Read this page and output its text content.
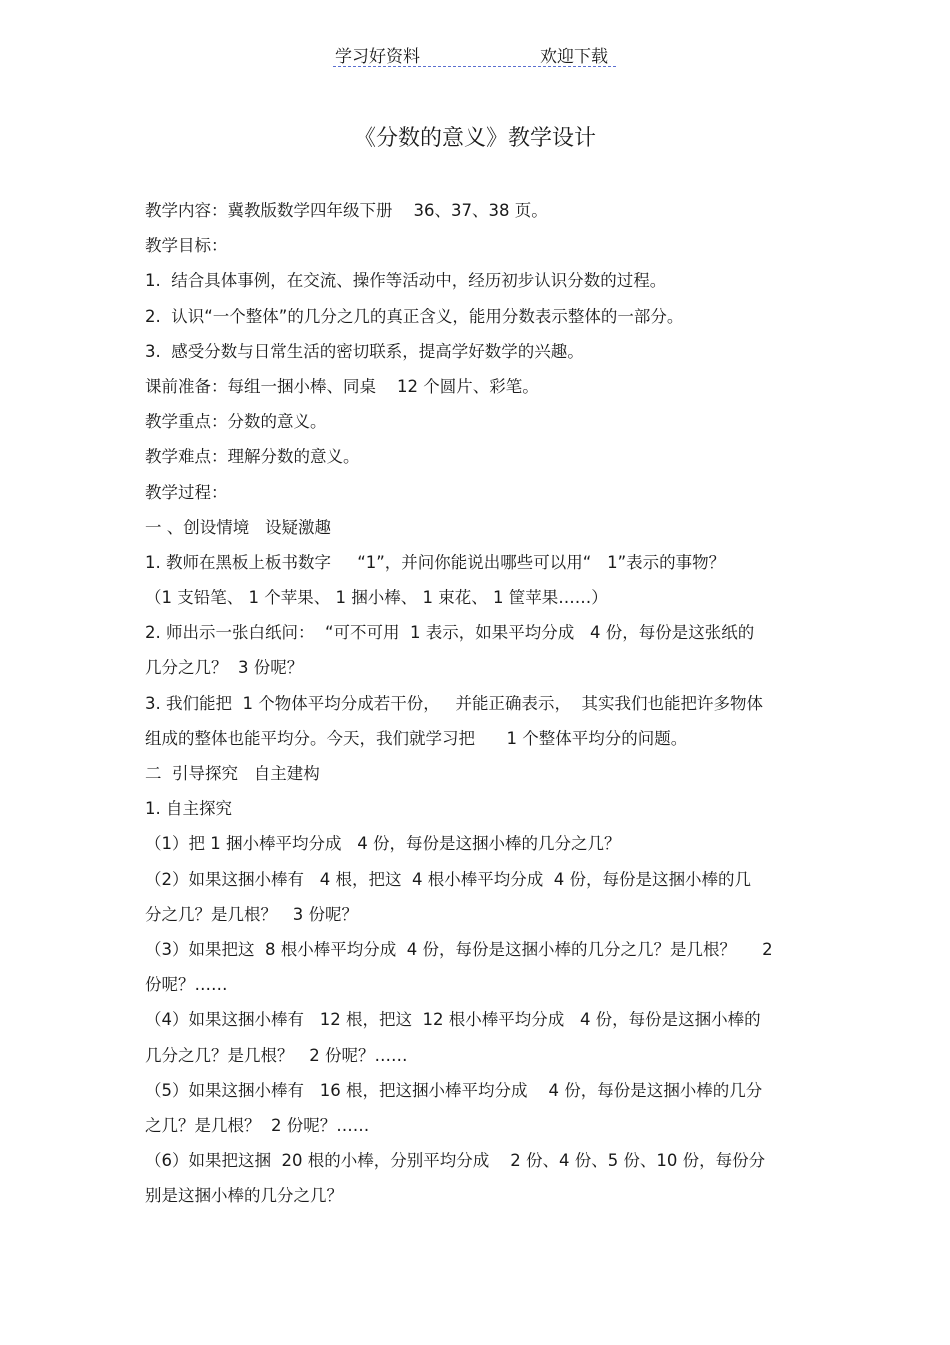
学习好资料	欢迎下载
《分数的意义》教学设计
教学内容：冀教版数学四年级下册    36、37、38 页。
教学目标：
1.  结合具体事例，在交流、操作等活动中，经历初步认识分数的过程。
2.  认识“一个整体”的几分之几的真正含义，能用分数表示整体的一部分。
3.  感受分数与日常生活的密切联系，提高学好数学的兴趣。
课前准备：每组一捆小棒、同桌    12 个圆片、彩笔。
教学重点：分数的意义。
教学难点：理解分数的意义。
教学过程：
一 、创设情境   设疑激趣
1. 教师在黑板上板书数字     “1”，并问你能说出哪些可以用“   1”表示的事物？
（1 支铅笔、 1 个苹果、 1 捆小棒、 1 束花、 1 筐苹果……）
2. 师出示一张白纸问：  “可不可用  1 表示，如果平均分成   4 份，每份是这张纸的
几分之几？  3 份呢？
3. 我们能把  1 个物体平均分成若干份，   并能正确表示，  其实我们也能把许多物体
组成的整体也能平均分。今天，我们就学习把      1 个整体平均分的问题。
二  引导探究   自主建构
1. 自主探究
（1）把 1 捆小棒平均分成   4 份，每份是这捆小棒的几分之几？
（2）如果这捆小棒有   4 根，把这  4 根小棒平均分成  4 份，每份是这捆小棒的几
分之几？是几根？   3 份呢？
（3）如果把这  8 根小棒平均分成  4 份，每份是这捆小棒的几分之几？是几根？     2
份呢？……
（4）如果这捆小棒有   12 根，把这  12 根小棒平均分成   4 份，每份是这捆小棒的
几分之几？是几根？   2 份呢？……
（5）如果这捆小棒有   16 根，把这捆小棒平均分成    4 份，每份是这捆小棒的几分
之几？是几根？  2 份呢？……
（6）如果把这捆  20 根的小棒，分别平均分成    2 份、4 份、5 份、10 份，每份分
别是这捆小棒的几分之几？
